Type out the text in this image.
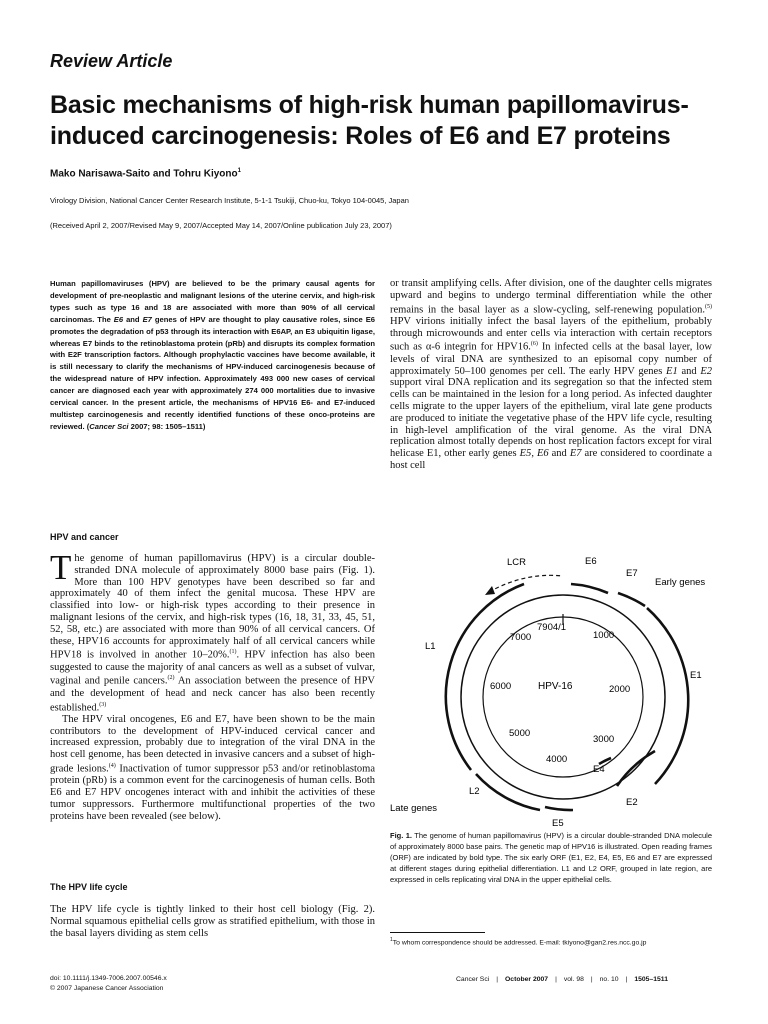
Review Article
Basic mechanisms of high-risk human papillomavirus-induced carcinogenesis: Roles of E6 and E7 proteins
Mako Narisawa-Saito and Tohru Kiyono$^1$
Virology Division, National Cancer Center Research Institute, 5-1-1 Tsukiji, Chuo-ku, Tokyo 104-0045, Japan
(Received April 2, 2007/Revised May 9, 2007/Accepted May 14, 2007/Online publication July 23, 2007)
Human papillomaviruses (HPV) are believed to be the primary causal agents for development of pre-neoplastic and malignant lesions of the uterine cervix, and high-risk types such as type 16 and 18 are associated with more than 90% of all cervical carcinomas. The E6 and E7 genes of HPV are thought to play causative roles, since E6 promotes the degradation of p53 through its interaction with E6AP, an E3 ubiquitin ligase, whereas E7 binds to the retinoblastoma protein (pRb) and disrupts its complex formation with E2F transcription factors. Although prophylactic vaccines have become available, it is still necessary to clarify the mechanisms of HPV-induced carcinogenesis because of the widespread nature of HPV infection. Approximately 493 000 new cases of cervical cancer are diagnosed each year with approximately 274 000 mortalities due to invasive cervical cancer. In the present article, the mechanisms of HPV16 E6- and E7-induced multistep carcinogenesis and recently identified functions of these onco-proteins are reviewed. (Cancer Sci 2007; 98: 1505–1511)
HPV and cancer
The genome of human papillomavirus (HPV) is a circular double-stranded DNA molecule of approximately 8000 base pairs (Fig. 1). More than 100 HPV genotypes have been described so far and approximately 40 of them infect the genital mucosa. These HPV are classified into low- or high-risk types according to their presence in malignant lesions of the cervix, and high-risk types (16, 18, 31, 33, 45, 51, 52, 58, etc.) are associated with more than 90% of all cervical cancers. Of these, HPV16 accounts for approximately half of all cervical cancers while HPV18 is involved in another 10–20%.$^{(1)}$. HPV infection has also been suggested to cause the majority of anal cancers as well as a subset of vulvar, vaginal and penile cancers.$^{(2)}$ An association between the presence of HPV and the development of head and neck cancer has also been recently established.$^{(3)}$
The HPV viral oncogenes, E6 and E7, have been shown to be the main contributors to the development of HPV-induced cervical cancer and increased expression, probably due to integration of the viral DNA in the host cell genome, has been detected in invasive cancers and a subset of high-grade lesions.$^{(4)}$ Inactivation of tumor suppressor p53 and/or retinoblastoma protein (pRb) is a common event for the carcinogenesis of human cells. Both E6 and E7 HPV oncogenes interact with and inhibit the activities of these tumor suppressors. Furthermore multifunctional properties of the two proteins have been revealed (see below).
The HPV life cycle
The HPV life cycle is tightly linked to their host cell biology (Fig. 2). Normal squamous epithelial cells grow as stratified epithelium, with those in the basal layers dividing as stem cells
or transit amplifying cells. After division, one of the daughter cells migrates upward and begins to undergo terminal differentiation while the other remains in the basal layer as a slow-cycling, self-renewing population.$^{(5)}$ HPV virions initially infect the basal layers of the epithelium, probably through microwounds and enter cells via interaction with certain receptors such as α-6 integrin for HPV16.$^{(6)}$ In infected cells at the basal layer, low levels of viral DNA are synthesized to an episomal copy number of approximately 50–100 genomes per cell. The early HPV genes E1 and E2 support viral DNA replication and its segregation so that the infected stem cells can be maintained in the lesion for a long period. As infected daughter cells migrate to the upper layers of the epithelium, viral late gene products are produced to initiate the vegetative phase of the HPV life cycle, resulting in high-level amplification of the viral genome. As the viral DNA replication almost totally depends on host replication factors except for viral helicase E1, other early genes E5, E6 and E7 are considered to coordinate a host cell
HPV-16
7904/1
1000
2000
3000
4000
5000
6000
7000
LCR	E6
E7
Early genes
L1
E1
E4
L2
E2
Late genes
E5
Fig. 1. The genome of human papillomavirus (HPV) is a circular double-stranded DNA molecule of approximately 8000 base pairs. The genetic map of HPV16 is illustrated. Open reading frames (ORF) are indicated by bold type. The six early ORF (E1, E2, E4, E5, E6 and E7 are expressed at different stages during epithelial differentiation. L1 and L2 ORF, grouped in late region, are expressed in cells replicating viral DNA in the upper epithelial cells.
$^1$To whom correspondence should be addressed. E-mail: tkiyono@gan2.res.ncc.go.jp
doi: 10.1111/j.1349-7006.2007.00546.x
© 2007 Japanese Cancer Association
Cancer Sci | October 2007 | vol. 98 | no. 10 | 1505–1511
